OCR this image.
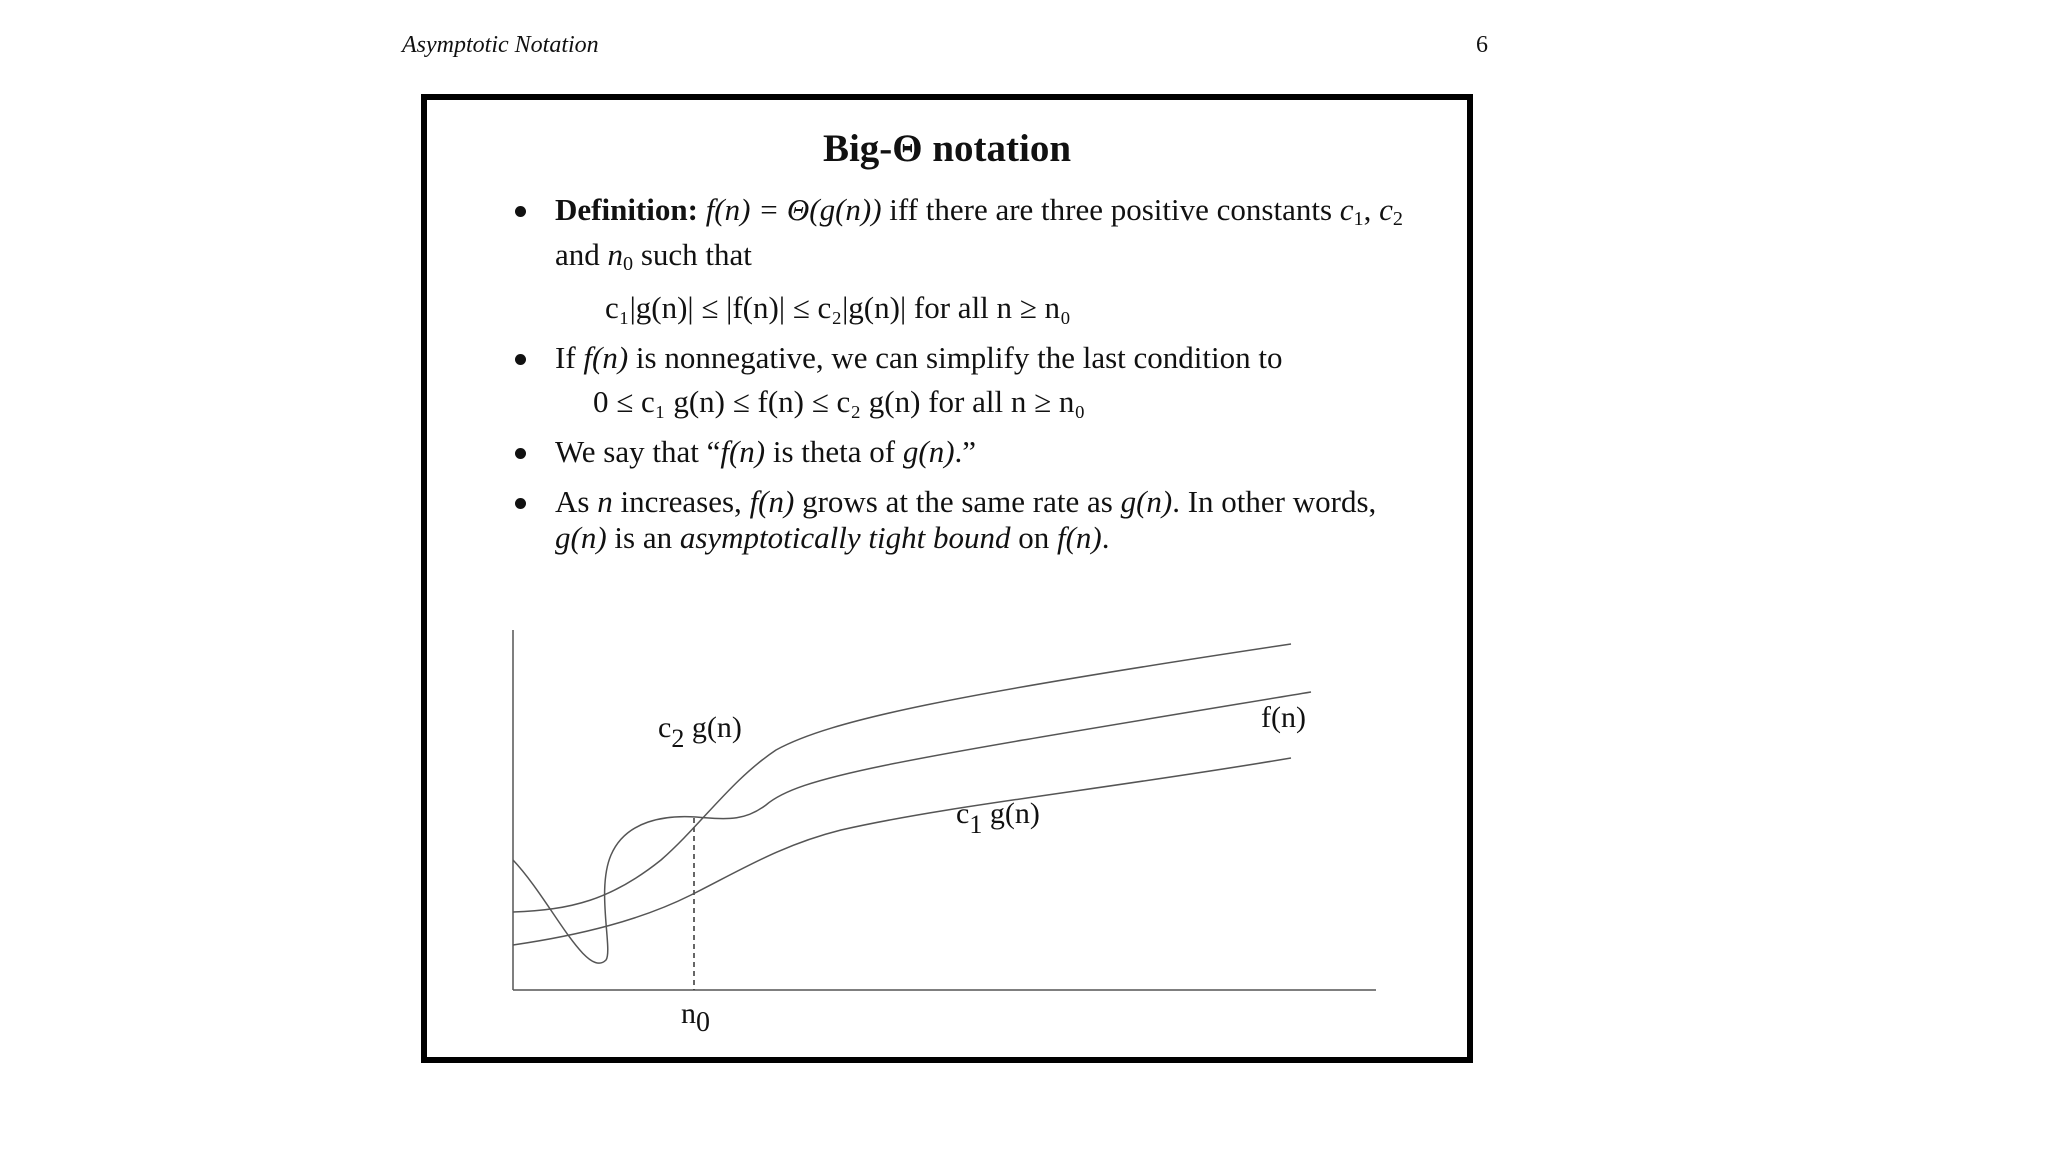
Asymptotic Notation	6
Big-Θ notation
Definition: f(n) = Θ(g(n)) iff there are three positive constants $c_1$, $c_2$ and $n_0$ such that
c₁|g(n)| ≤ |f(n)| ≤ c₂|g(n)| for all n ≥ n₀
If f(n) is nonnegative, we can simplify the last condition to
0 ≤ c₁ g(n) ≤ f(n) ≤ c₂ g(n) for all n ≥ n₀
We say that “f(n) is theta of g(n).”
As n increases, f(n) grows at the same rate as g(n). In other words, g(n) is an asymptotically tight bound on f(n).
c2 g(n)	f(n)
c1 g(n)
n0
